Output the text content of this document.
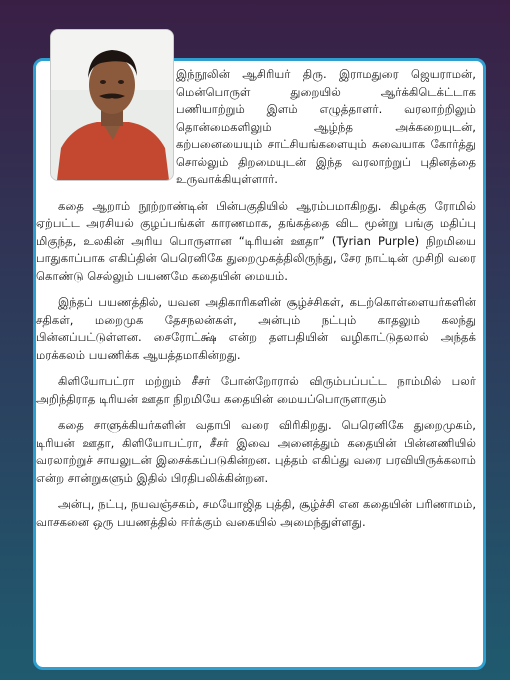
இந்நூலின் ஆசிரியர் திரு. இராமதுரை ஜெயராமன், மென்பொருள் துறையில் ஆர்க்கிடெக்ட்டாக பணியாற்றும் இளம் எழுத்தாளர். வரலாற்றிலும் தொன்மைகளிலும் ஆழ்ந்த அக்கறையுடன், கற்பனையையும் சாட்சியங்களையும் சுவையாக கோர்த்து சொல்லும் திறமையுடன் இந்த வரலாற்றுப் புதினத்தை உருவாக்கியுள்ளார்.

கதை ஆறாம் நூற்றாண்டின் பின்பகுதியில் ஆரம்பமாகிறது. கிழக்கு ரோமில் ஏற்பட்ட அரசியல் குழப்பங்கள் காரணமாக, தங்கத்தை விட மூன்று பங்கு மதிப்பு மிகுந்த, உலகின் அரிய பொருளான “டிரியன் ஊதா” (Tyrian Purple) நிறமியை பாதுகாப்பாக எகிப்தின் பெரெனிகே துறைமுகத்திலிருந்து, சேர நாட்டின் முசிறி வரை கொண்டு செல்லும் பயணமே கதையின் மையம்.

இந்தப் பயணத்தில், யவன அதிகாரிகளின் சூழ்ச்சிகள், கடற்கொள்ளையர்களின் சதிகள், மறைமுக தேசநலன்கள், அன்பும் நட்பும் காதலும் கலந்து பின்னப்பட்டுள்ளன. சைரோட்க்ஷ் என்ற தளபதியின் வழிகாட்டுதலால் அந்தக் மரக்கலம் பயணிக்க ஆயத்தமாகின்றது.

கிளியோபட்ரா மற்றும் சீசர் போன்றோரால் விரும்பப்பட்ட நாம்மில் பலர் அறிந்திராத டிரியன் ஊதா நிறமியே கதையின் மையப்பொருளாகும்

கதை சாளுக்கியர்களின் வதாபி வரை விரிகிறது. பெரெனிகே துறைமுகம், டிரியன் ஊதா, கிளியோபட்ரா, சீசர் இவை அனைத்தும் கதையின் பின்னணியில் வரலாற்றுச் சாயலுடன் இசைக்கப்படுகின்றன. புத்தம் எகிப்து வரை பரவியிருக்கலாம் என்ற சான்றுகளும் இதில் பிரதிபலிக்கின்றன.

அன்பு, நட்பு, நயவஞ்சகம், சமயோஜித புத்தி, சூழ்ச்சி என கதையின் பரிணாமம், வாசகனை ஒரு பயணத்தில் ஈர்க்கும் வகையில் அமைந்துள்ளது.
